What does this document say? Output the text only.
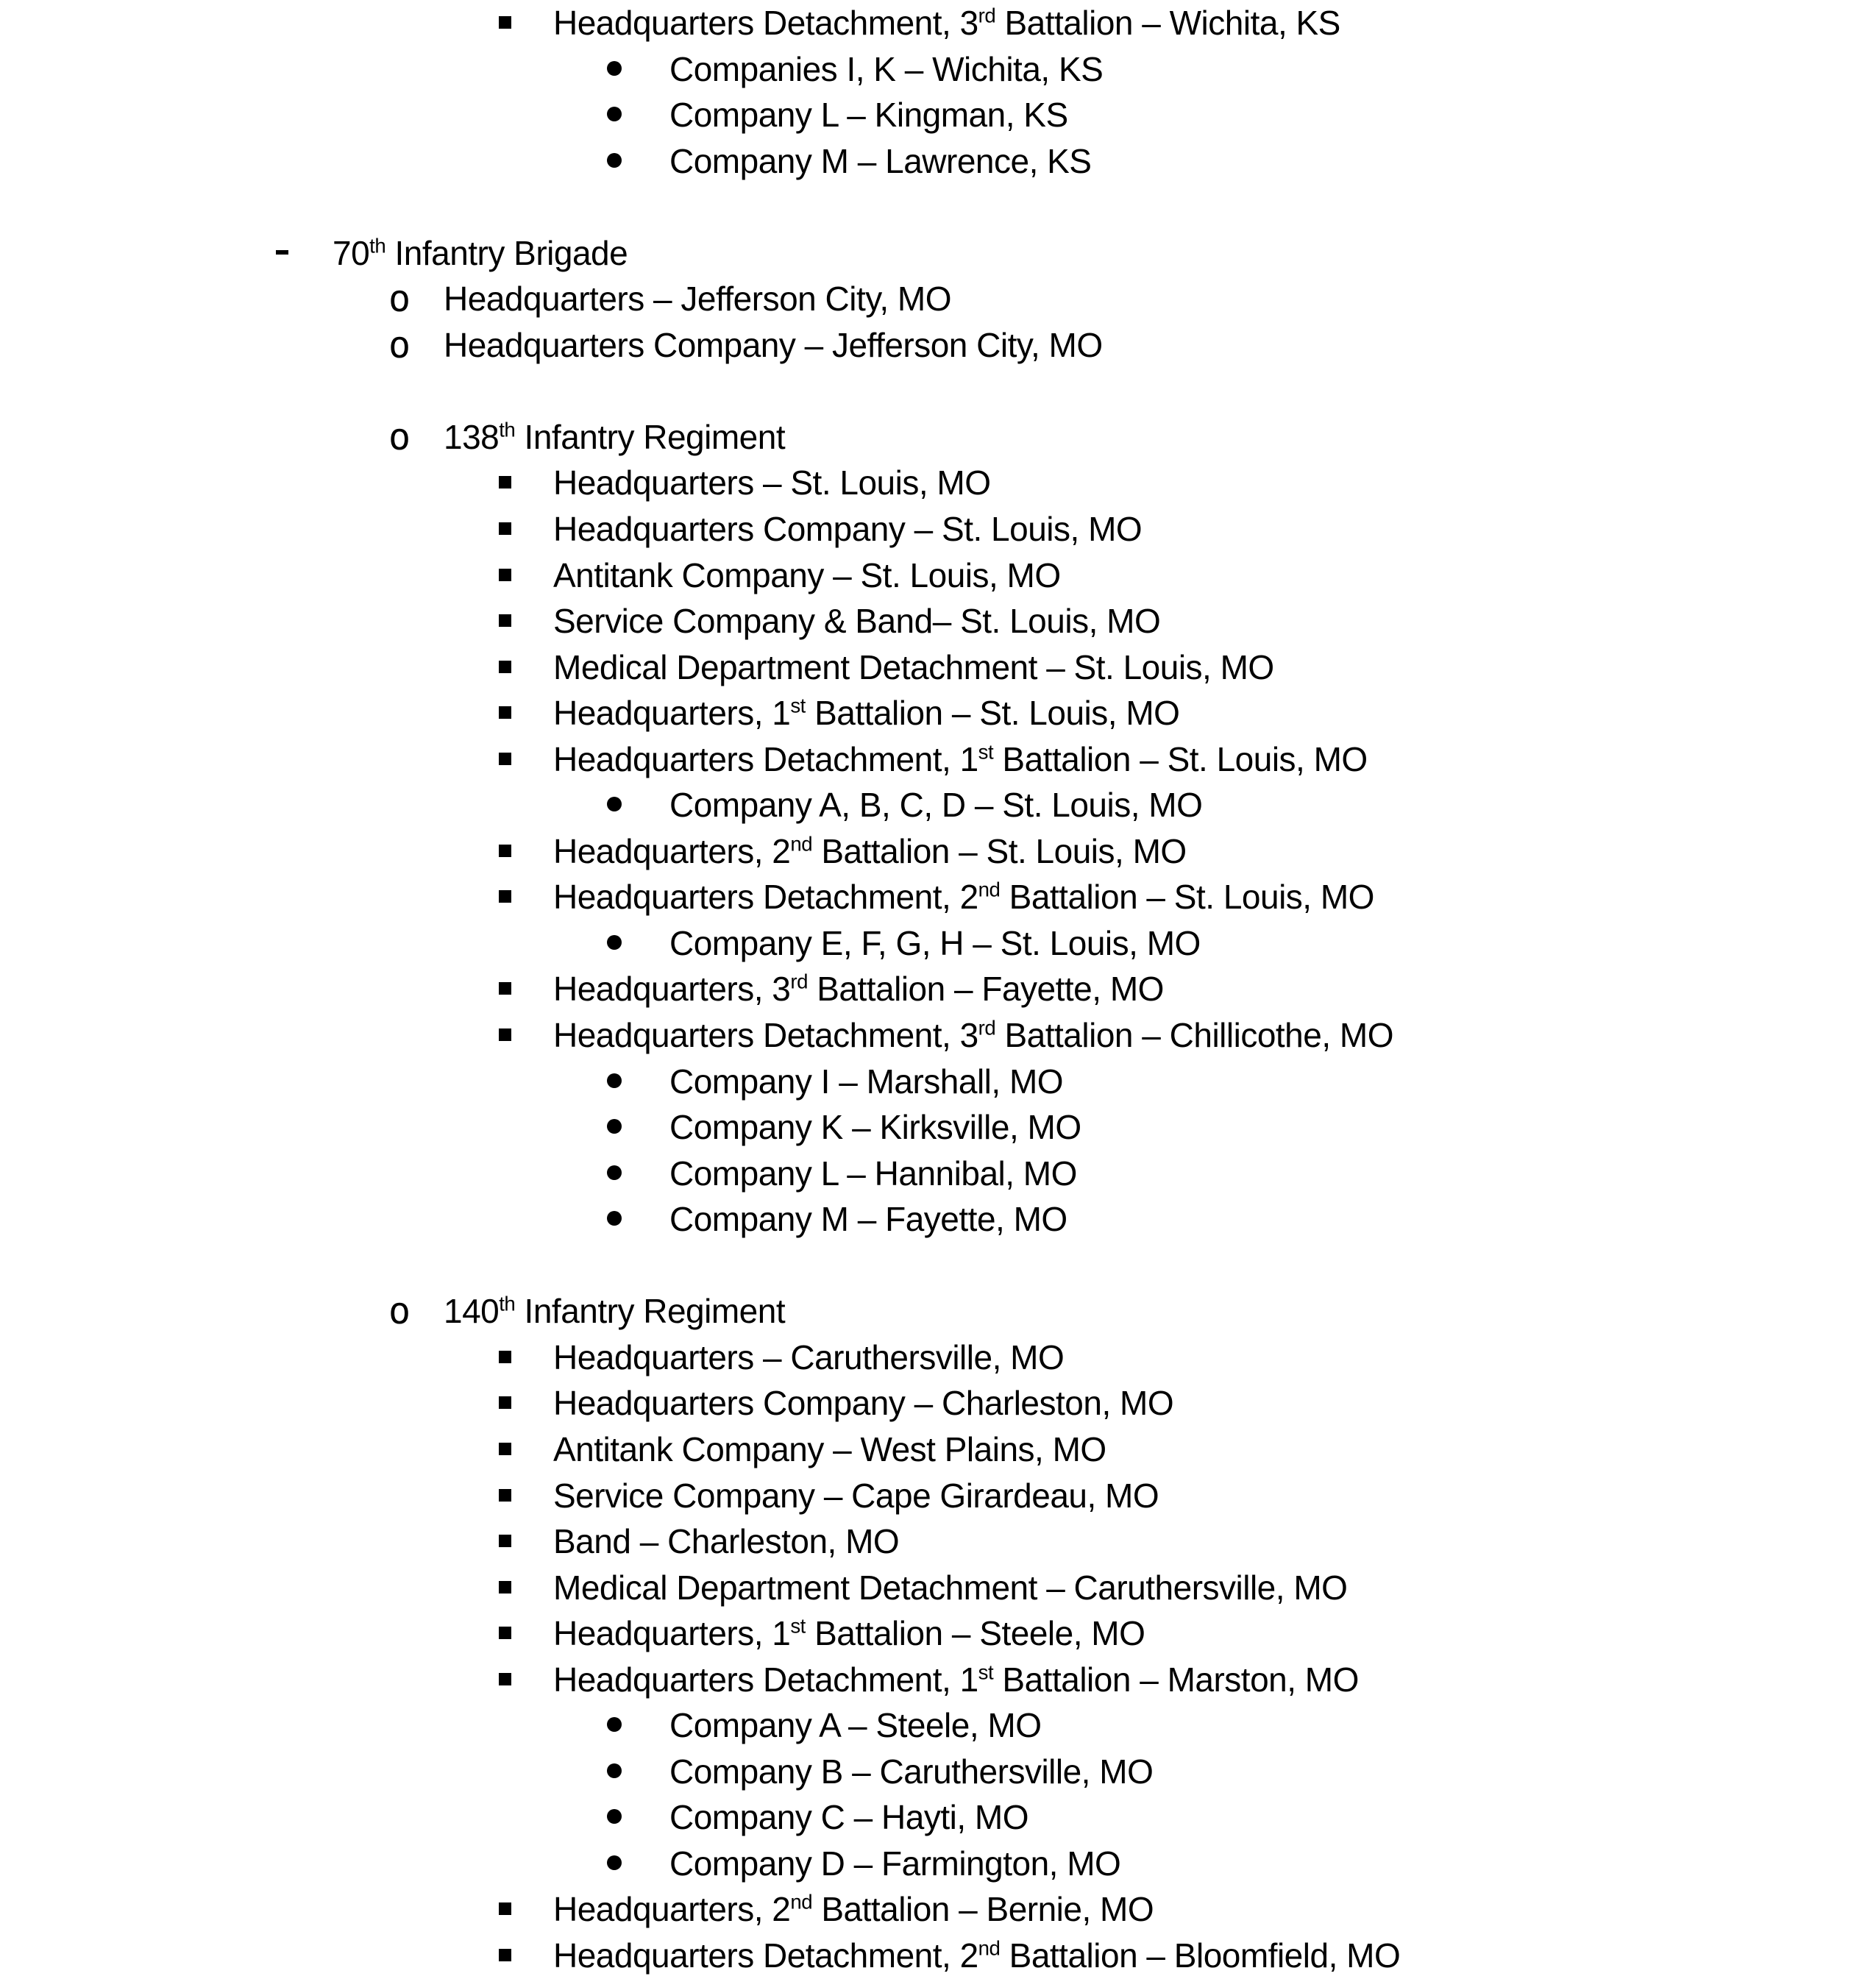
Headquarters Detachment, 3rd Battalion – Wichita, KS
Companies I, K – Wichita, KS
Company L – Kingman, KS
Company M – Lawrence, KS
70th Infantry Brigade
o Headquarters – Jefferson City, MO
o Headquarters Company – Jefferson City, MO
o 138th Infantry Regiment
Headquarters – St. Louis, MO
Headquarters Company – St. Louis, MO
Antitank Company – St. Louis, MO
Service Company & Band– St. Louis, MO
Medical Department Detachment – St. Louis, MO
Headquarters, 1st Battalion – St. Louis, MO
Headquarters Detachment, 1st Battalion – St. Louis, MO
Company A, B, C, D – St. Louis, MO
Headquarters, 2nd Battalion – St. Louis, MO
Headquarters Detachment, 2nd Battalion – St. Louis, MO
Company E, F, G, H – St. Louis, MO
Headquarters, 3rd Battalion – Fayette, MO
Headquarters Detachment, 3rd Battalion – Chillicothe, MO
Company I – Marshall, MO
Company K – Kirksville, MO
Company L – Hannibal, MO
Company M – Fayette, MO
o 140th Infantry Regiment
Headquarters – Caruthersville, MO
Headquarters Company – Charleston, MO
Antitank Company – West Plains, MO
Service Company – Cape Girardeau, MO
Band – Charleston, MO
Medical Department Detachment – Caruthersville, MO
Headquarters, 1st Battalion – Steele, MO
Headquarters Detachment, 1st Battalion – Marston, MO
Company A – Steele, MO
Company B – Caruthersville, MO
Company C – Hayti, MO
Company D – Farmington, MO
Headquarters, 2nd Battalion – Bernie, MO
Headquarters Detachment, 2nd Battalion – Bloomfield, MO
